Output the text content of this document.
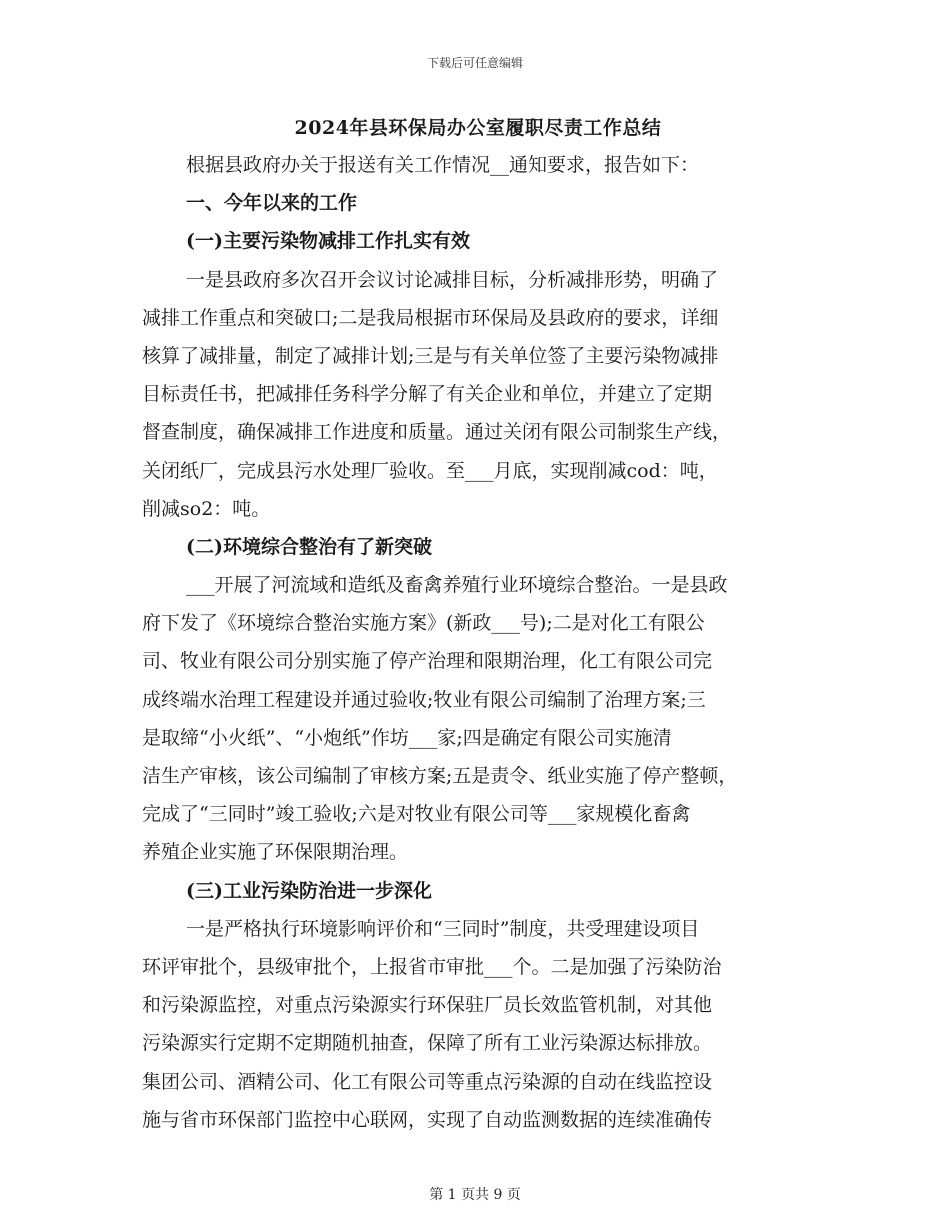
下载后可任意编辑
2024年县环保局办公室履职尽责工作总结
根据县政府办关于报送有关工作情况__通知要求，报告如下：
一、今年以来的工作
(一)主要污染物减排工作扎实有效
一是县政府多次召开会议讨论减排目标，分析减排形势，明确了
减排工作重点和突破口;二是我局根据市环保局及县政府的要求，详细
核算了减排量，制定了减排计划;三是与有关单位签了主要污染物减排
目标责任书，把减排任务科学分解了有关企业和单位，并建立了定期
督查制度，确保减排工作进度和质量。通过关闭有限公司制浆生产线，
关闭纸厂，完成县污水处理厂验收。至___月底，实现削减cod：吨，
削减so2：吨。
(二)环境综合整治有了新突破
___开展了河流域和造纸及畜禽养殖行业环境综合整治。一是县政
府下发了《环境综合整治实施方案》(新政___号);二是对化工有限公
司、牧业有限公司分别实施了停产治理和限期治理，化工有限公司完
成终端水治理工程建设并通过验收;牧业有限公司编制了治理方案;三
是取缔“小火纸”、“小炮纸”作坊___家;四是确定有限公司实施清
洁生产审核，该公司编制了审核方案;五是责令、纸业实施了停产整顿，
完成了“三同时”竣工验收;六是对牧业有限公司等___家规模化畜禽
养殖企业实施了环保限期治理。
(三)工业污染防治进一步深化
一是严格执行环境影响评价和“三同时”制度，共受理建设项目
环评审批个，县级审批个，上报省市审批___个。二是加强了污染防治
和污染源监控，对重点污染源实行环保驻厂员长效监管机制，对其他
污染源实行定期不定期随机抽查，保障了所有工业污染源达标排放。
集团公司、酒精公司、化工有限公司等重点污染源的自动在线监控设
施与省市环保部门监控中心联网，实现了自动监测数据的连续准确传
第 1 页共 9 页
